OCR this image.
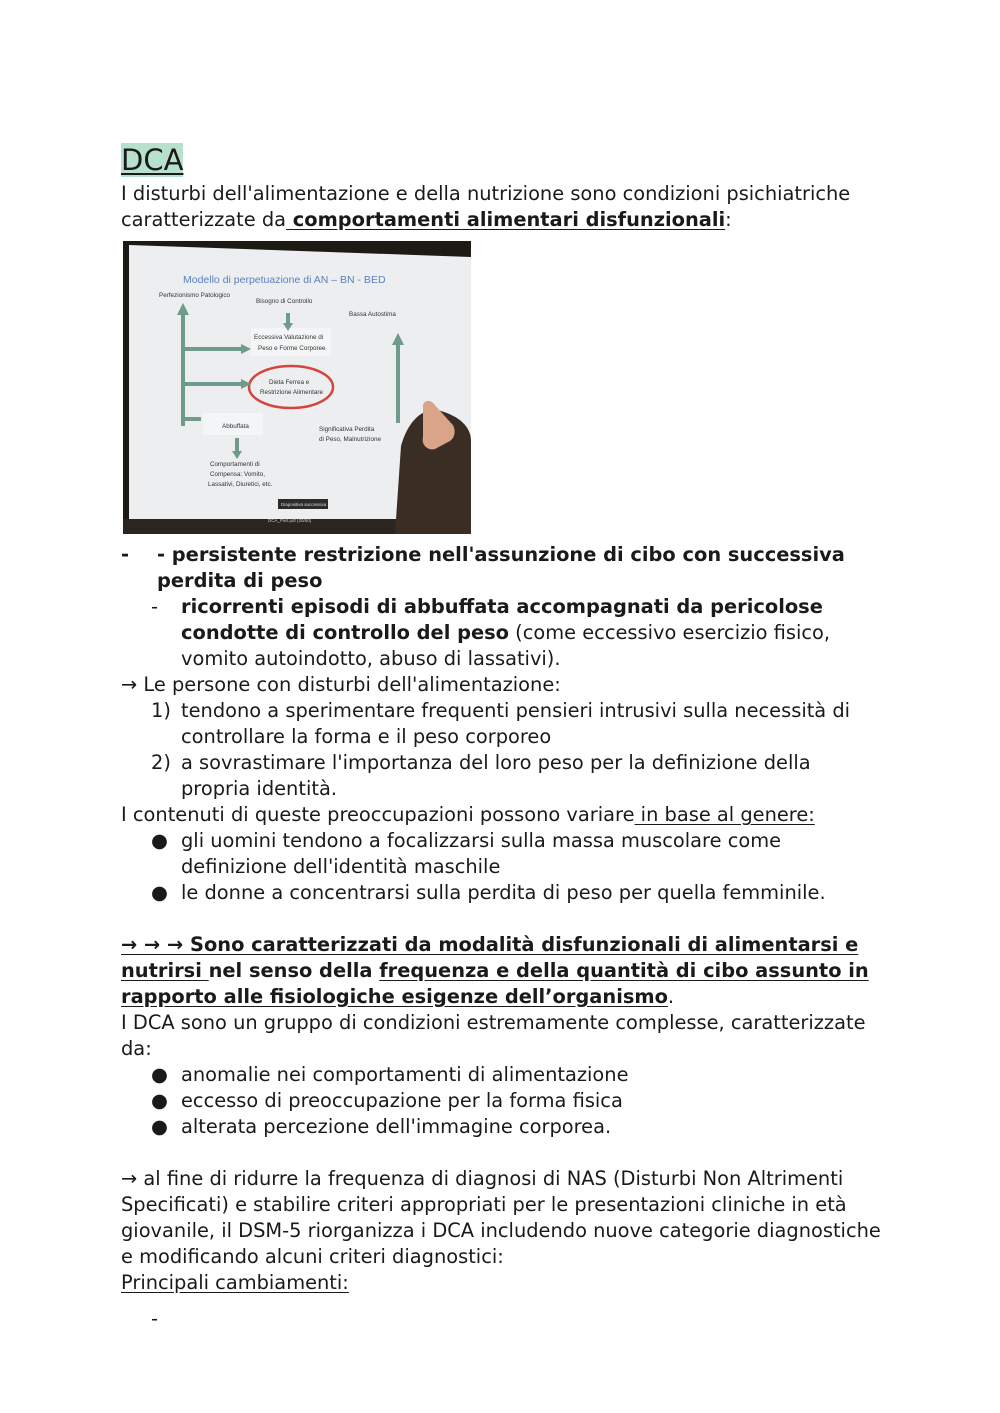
DCA

I disturbi dell'alimentazione e della nutrizione sono condizioni psichiatriche caratterizzate da comportamenti alimentari disfunzionali:

Modello di perpetuazione di AN – BN - BED
Perfezionismo Patologico
Bisogno di Controllo
Bassa Autostima
Eccessiva Valutazione di
Peso e Forme Corporee
Dieta Ferrea e
Restrizione Alimentare
Abbuffata	Significativa Perdita
di Peso, Malnutrizione
Comportamenti di
Compensa: Vomito,
Lassativi, Diuretici, etc.
Diapositiva successiva
DCA_Part.pdf (20/50)
-	- persistente restrizione nell'assunzione di cibo con successiva perdita di peso
-	ricorrenti episodi di abbuffata accompagnati da pericolose condotte di controllo del peso (come eccessivo esercizio fisico, vomito autoindotto, abuso di lassativi).

→ Le persone con disturbi dell'alimentazione:

1) tendono a sperimentare frequenti pensieri intrusivi sulla necessità di controllare la forma e il peso corporeo
2) a sovrastimare l'importanza del loro peso per la definizione della propria identità.

I contenuti di queste preoccupazioni possono variare in base al genere:

● gli uomini tendono a focalizzarsi sulla massa muscolare come definizione dell'identità maschile
● le donne a concentrarsi sulla perdita di peso per quella femminile.

→ → → Sono caratterizzati da modalità disfunzionali di alimentarsi e nutrirsi nel senso della frequenza e della quantità di cibo assunto in rapporto alle fisiologiche esigenze dell’organismo.

I DCA sono un gruppo di condizioni estremamente complesse, caratterizzate da:

● anomalie nei comportamenti di alimentazione
● eccesso di preoccupazione per la forma fisica
● alterata percezione dell'immagine corporea.

→ al fine di ridurre la frequenza di diagnosi di NAS (Disturbi Non Altrimenti Specificati) e stabilire criteri appropriati per le presentazioni cliniche in età giovanile, il DSM-5 riorganizza i DCA includendo nuove categorie diagnostiche e modificando alcuni criteri diagnostici:

Principali cambiamenti:

-
